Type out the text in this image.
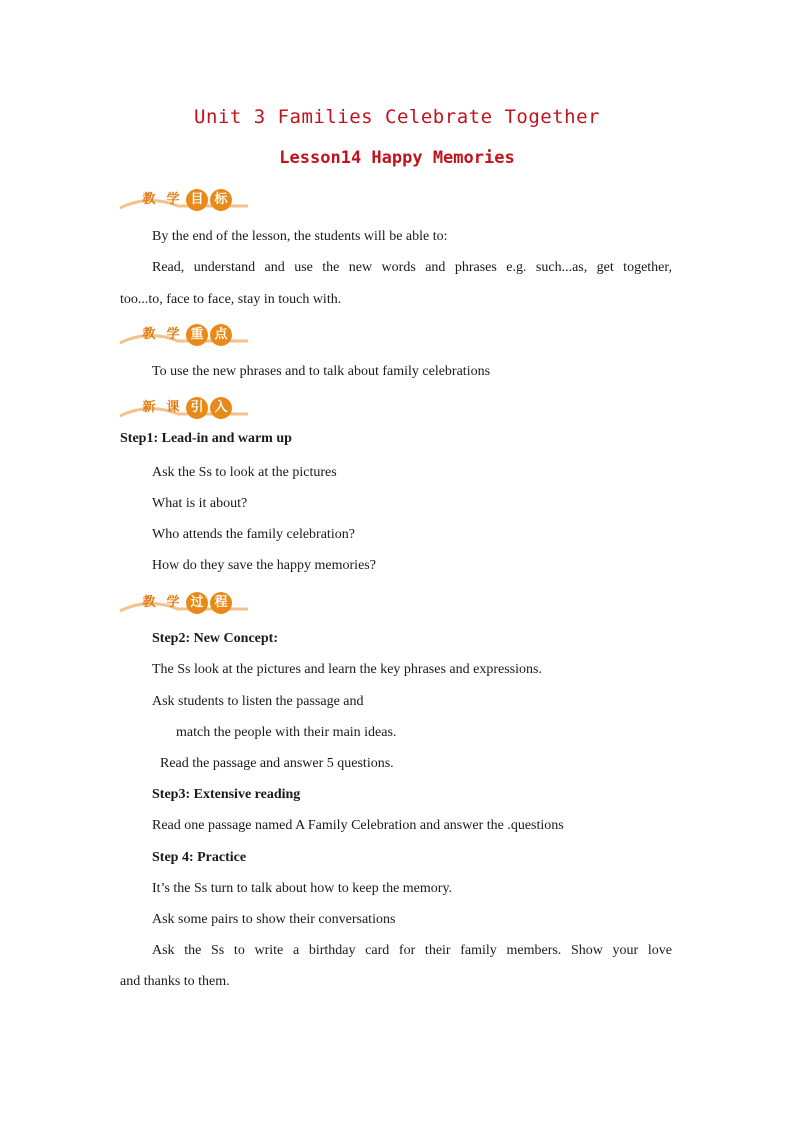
Unit 3 Families Celebrate Together
Lesson14 Happy Memories
教 学 目 标
By the end of the lesson, the students will be able to:
Read, understand and use the new words and phrases e.g. such...as, get together,
too...to, face to face, stay in touch with.
教 学 重 点
To use the new phrases and to talk about family celebrations
新 课 引 入
Step1: Lead-in and warm up
Ask the Ss to look at the pictures
What is it about?
Who attends the family celebration?
How do they save the happy memories?
教 学 过 程
Step2: New Concept:
The Ss look at the pictures and learn the key phrases and expressions.
Ask students to listen the passage and
match the people with their main ideas.
Read the passage and answer 5 questions.
Step3: Extensive reading
Read one passage named A Family Celebration and answer the .questions
Step 4: Practice
It’s the Ss turn to talk about how to keep the memory.
Ask some pairs to show their conversations
Ask the Ss to write a birthday card for their family members. Show your love
and thanks to them.
